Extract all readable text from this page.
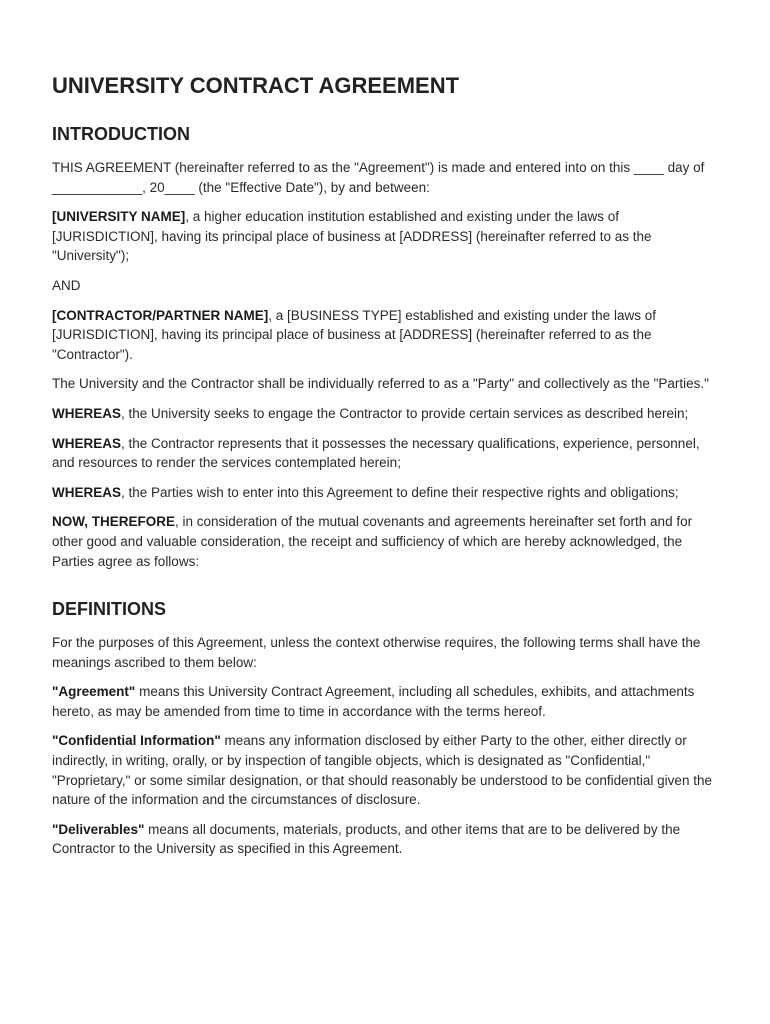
UNIVERSITY CONTRACT AGREEMENT
INTRODUCTION

THIS AGREEMENT (hereinafter referred to as the "Agreement") is made and entered into on this ____ day of ____________, 20____ (the "Effective Date"), by and between:

[UNIVERSITY NAME], a higher education institution established and existing under the laws of [JURISDICTION], having its principal place of business at [ADDRESS] (hereinafter referred to as the "University");

AND

[CONTRACTOR/PARTNER NAME], a [BUSINESS TYPE] established and existing under the laws of [JURISDICTION], having its principal place of business at [ADDRESS] (hereinafter referred to as the "Contractor").

The University and the Contractor shall be individually referred to as a "Party" and collectively as the "Parties."

WHEREAS, the University seeks to engage the Contractor to provide certain services as described herein;

WHEREAS, the Contractor represents that it possesses the necessary qualifications, experience, personnel, and resources to render the services contemplated herein;

WHEREAS, the Parties wish to enter into this Agreement to define their respective rights and obligations;

NOW, THEREFORE, in consideration of the mutual covenants and agreements hereinafter set forth and for other good and valuable consideration, the receipt and sufficiency of which are hereby acknowledged, the Parties agree as follows:

DEFINITIONS

For the purposes of this Agreement, unless the context otherwise requires, the following terms shall have the meanings ascribed to them below:

"Agreement" means this University Contract Agreement, including all schedules, exhibits, and attachments hereto, as may be amended from time to time in accordance with the terms hereof.

"Confidential Information" means any information disclosed by either Party to the other, either directly or indirectly, in writing, orally, or by inspection of tangible objects, which is designated as "Confidential," "Proprietary," or some similar designation, or that should reasonably be understood to be confidential given the nature of the information and the circumstances of disclosure.

"Deliverables" means all documents, materials, products, and other items that are to be delivered by the Contractor to the University as specified in this Agreement.
